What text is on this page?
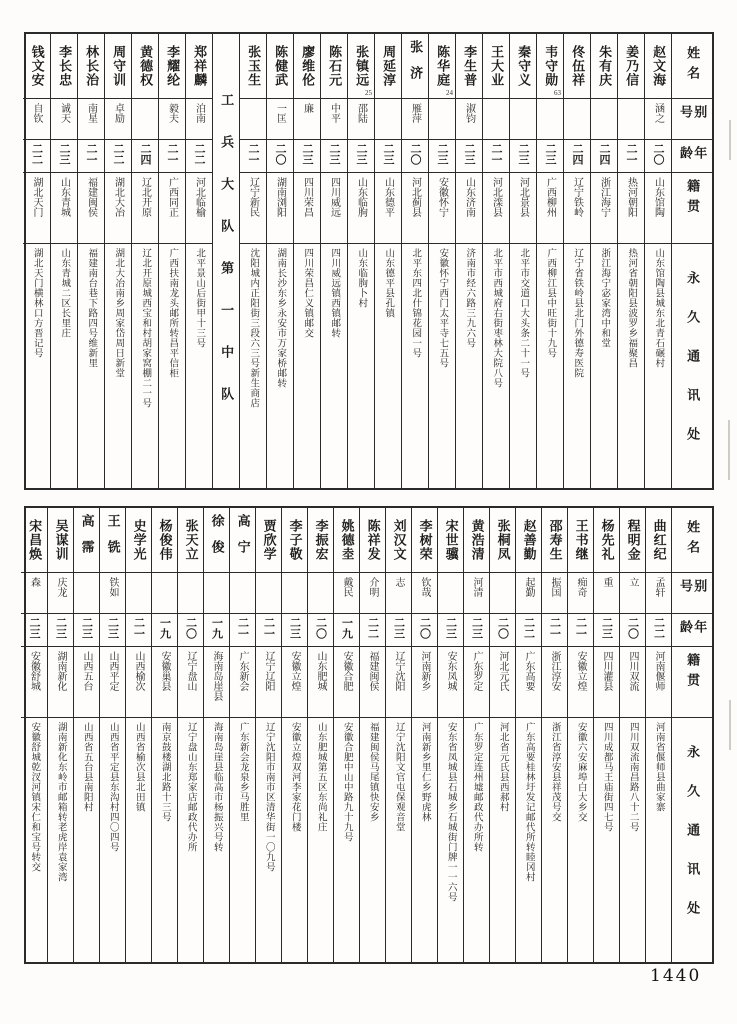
姓名
别号
年龄
籍贯
永久通讯处
赵文海
涵之
二〇
山东馆陶
山东馆陶县城东北青石碾村
姜乃信
二一
热河朝阳
热河省朝阳县波罗乡福聚昌
朱有庆
二四
浙江海宁
浙江海宁宓家湾中和堂
佟伍祥
二四
辽宁铁岭
辽宁省铁岭县北门外德寿医院
韦守勋
63
二三
广西柳州
广西柳江县中旺街十九号
秦守义
二三
河北景县
北平市交道口大头条二十一号
王大业
二一
河北滦县
北平市西城府右街枣林大院八号
李生普
淑钧
二三
山东济南
济南市经六路三九六号
陈华庭
24
二三
安徽怀宁
安徽怀宁西门太平寺七五号
张济
雁萍
二〇
河北蓟县
北平东四北什锦花园一号
周延淳
二三
山东德平
山东德平县孔镇
张镇远
25
邵陆
二三
山东临朐
山东临朐卜村
陈石元
中平
二三
四川威远
四川威远镇西镇邮转
廖维伦
廉
二三
四川荣昌
四川荣昌仁义镇邮交
陈健武
一匡
二〇
湖南浏阳
湖南长沙东乡永安市万家桥邮转
张玉生
二一
辽宁新民
沈阳城内正阳街三段六三号新生商店
工兵大队第一中队
郑祥麟
泊南
二二
河北临榆
北平景山后街甲十三号
李耀纶
毅夫
二一
广西同正
广西扶南龙头邮所转昌平信柜
黄德权
二四
辽北开原
辽北开原城西宝和村胡家窝棚二一号
周守训
卓励
二二
湖北大冶
湖北大冶南乡周家岱周日新堂
林长治
南星
二一
福建闽侯
福建南台巷下路四号维新里
李长忠
诚天
二三
山东青城
山东青城二区长里庄
钱文安
自钦
二二
湖北天门
湖北天门横林口方晋记号
姓名
别号
年龄
籍贯
永久通讯处
曲红纪
孟轩
二二
河南偃师
河南省偃师县曲家寨
程明金
立
二〇
四川双流
四川双流南昌路八十二号
杨先礼
重
二三
四川灌县
四川成都马王庙街四七号
王书继
痴奇
二一
安徽立煌
安徽六安麻埠白大乡交
邵寿生
振国
二一
浙江淳安
浙江省淳安县祥茂号交
赵善勤
起勤
二二
广东高要
广东高要桂林圩发记邮代所转睦冈村
张桐凤
二〇
河北元氏
河北省元氏县西郝村
黄浩清
河清
二三
广东罗定
广东罗定连州墟邮政代办所转
宋世骥
二三
安东凤城
安东省凤城县石城乡石城街门牌一一六号
李树荣
钦哉
二〇
河南新乡
河南新乡里仁乡野虎林
刘汉文
志
二三
辽宁沈阳
辽宁沈阳文官屯保观音堂
陈祥发
介明
二二
福建闽侯
福建闽侯马尾镇快安乡
姚德坴
戴民
一九
安徽合肥
安徽合肥中山中路九十九号
李振宏
二〇
山东肥城
山东肥城第五区东尚礼庄
李子敬
二三
安徽立煌
安徽立煌双河李家花门楼
贾欣学
二一
辽宁辽阳
辽宁沈阳市南市区清华街一〇九号
高宁
二一
广东新会
广东新会龙泉乡马胜里
徐俊
一九
海南岛崖县
海南岛崖县临高市杨振兴号转
张天立
二〇
辽宁盘山
辽宁盘山东郑家店邮政代办所
杨俊伟
一九
安徽巢县
南京鼓楼湖北路十三号
史学光
二一
山西榆次
山西省榆次县北田镇
王铣
铁如
二三
山西平定
山西省平定县东沟村四〇四号
高霈
二三
山西五台
山西省五台县南阳村
吴谋训
庆龙
二三
湖南新化
湖南新化东岭市邮箱转老虎岸袁家湾
宋昌焕
森
二三
安徽舒城
安徽舒城乾汊河镇宋仁和宝号转交
1440
